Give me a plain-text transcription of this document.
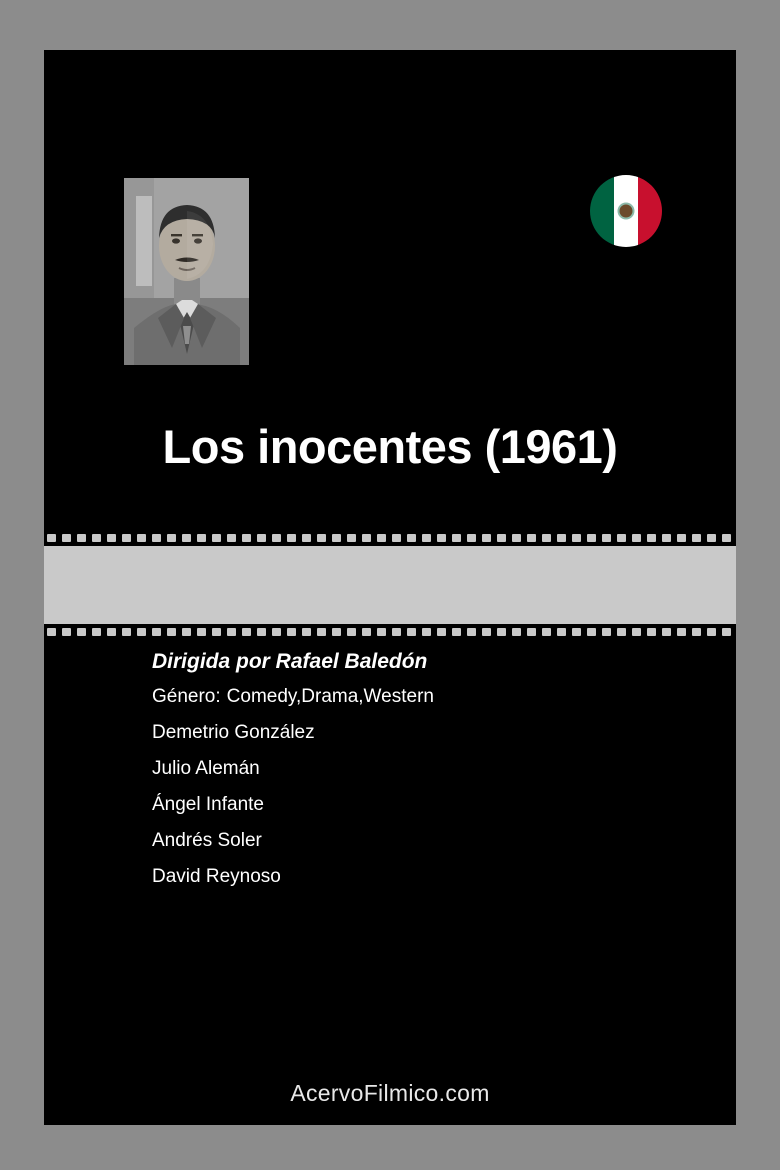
Los inocentes (1961)
Dirigida por Rafael Baledón
Género: Comedy,Drama,Western
Demetrio González
Julio Alemán
Ángel Infante
Andrés Soler
David Reynoso
AcervoFilmico.com
